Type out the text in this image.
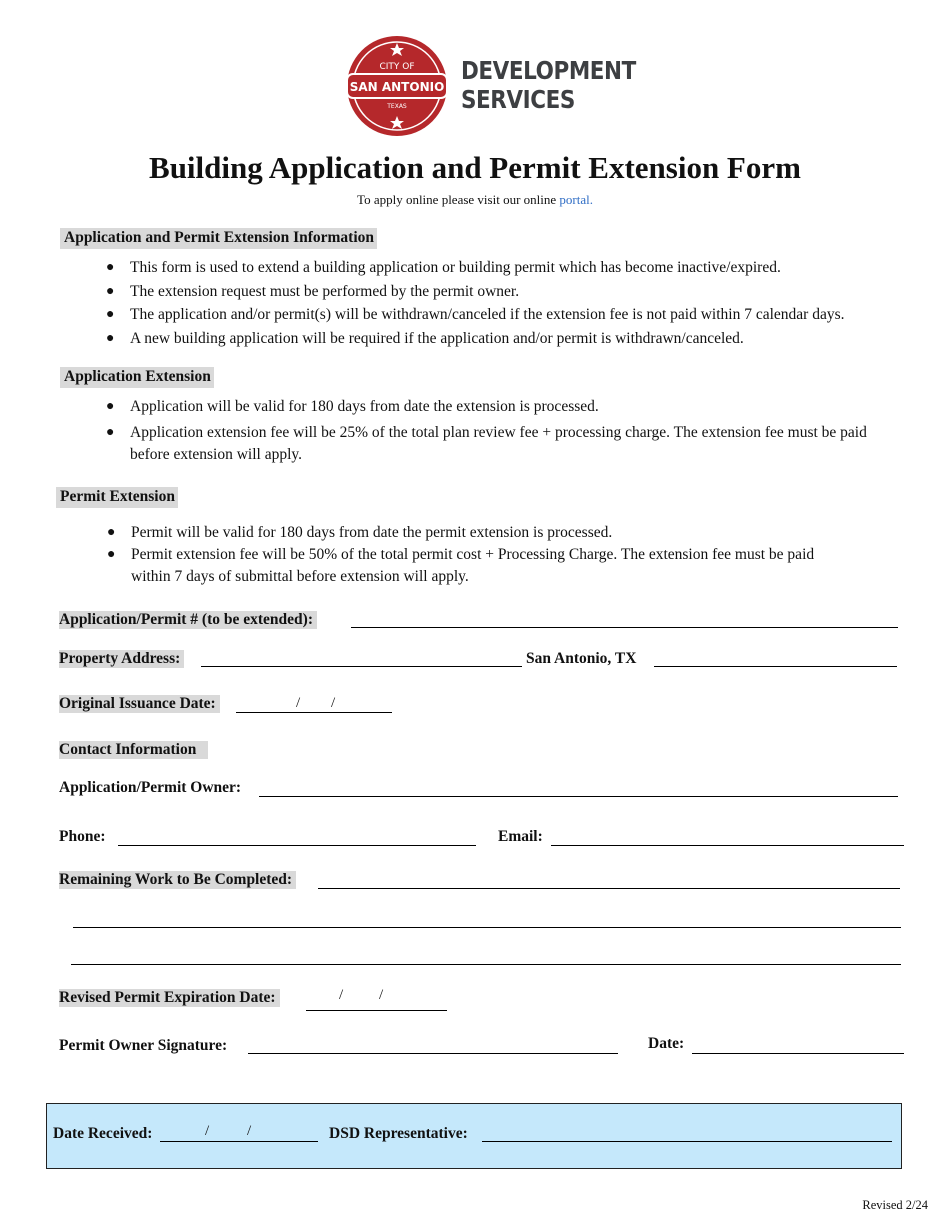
CITY OF
SAN ANTONIO
TEXAS
DEVELOPMENT
SERVICES
Building Application and Permit Extension Form
To apply online please visit our online portal.
Application and Permit Extension Information
● This form is used to extend a building application or building permit which has become inactive/expired.
● The extension request must be performed by the permit owner.
● The application and/or permit(s) will be withdrawn/canceled if the extension fee is not paid within 7 calendar days.
● A new building application will be required if the application and/or permit is withdrawn/canceled.
Application Extension
● Application will be valid for 180 days from date the extension is processed.
● Application extension fee will be 25% of the total plan review fee + processing charge. The extension fee must be paid before extension will apply.
Permit Extension
● Permit will be valid for 180 days from date the permit extension is processed.
● Permit extension fee will be 50% of the total permit cost + Processing Charge. The extension fee must be paid within 7 days of submittal before extension will apply.
Application/Permit # (to be extended):
Property Address:	San Antonio, TX
Original Issuance Date:	/ /
Contact Information
Application/Permit Owner:
Phone:	Email:
Remaining Work to Be Completed:
Revised Permit Expiration Date:	/ /
Permit Owner Signature:	Date:
Date Received:	/	/	DSD Representative:
Revised 2/24
